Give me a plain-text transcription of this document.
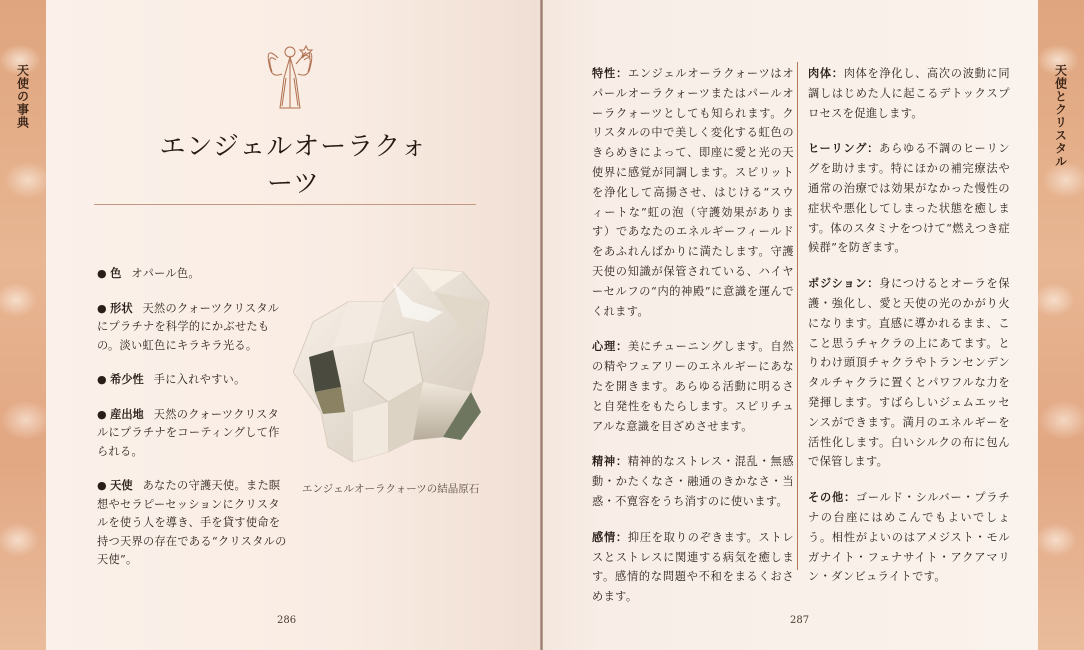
天使の事典	天使とクリスタル
エンジェルオーラクォーツ
● 色 オパール色。
● 形状 天然のクォーツクリスタルにプラチナを科学的にかぶせたもの。淡い虹色にキラキラ光る。
● 希少性 手に入れやすい。
● 産出地 天然のクォーツクリスタルにプラチナをコーティングして作られる。
● 天使 あなたの守護天使。また瞑想やセラピーセッションにクリスタルを使う人を導き、手を貸す使命を持つ天界の存在である“クリスタルの天使”。
エンジェルオーラクォーツの結晶原石
286

特性：エンジェルオーラクォーツはオパールオーラクォーツまたはパールオーラクォーツとしても知られます。クリスタルの中で美しく変化する虹色のきらめきによって、即座に愛と光の天使界に感覚が同調します。スピリットを浄化して高揚させ、はじける“スウィートな”虹の泡（守護効果があります）であなたのエネルギーフィールドをあふれんばかりに満たします。守護天使の知識が保管されている、ハイヤーセルフの“内的神殿”に意識を運んでくれます。

心理：美にチューニングします。自然の精やフェアリーのエネルギーにあなたを開きます。あらゆる活動に明るさと自発性をもたらします。スピリチュアルな意識を目ざめさせます。

精神：精神的なストレス・混乱・無感動・かたくなさ・融通のきかなさ・当惑・不寛容をうち消すのに使います。

感情：抑圧を取りのぞきます。ストレスとストレスに関連する病気を癒します。感情的な問題や不和をまるくおさめます。

肉体：肉体を浄化し、高次の波動に同調しはじめた人に起こるデトックスプロセスを促進します。

ヒーリング：あらゆる不調のヒーリングを助けます。特にほかの補完療法や通常の治療では効果がなかった慢性の症状や悪化してしまった状態を癒します。体のスタミナをつけて“燃えつき症候群”を防ぎます。

ポジション：身につけるとオーラを保護・強化し、愛と天使の光のかがり火になります。直感に導かれるまま、ここと思うチャクラの上にあてます。とりわけ頭頂チャクラやトランセンデンタルチャクラに置くとパワフルな力を発揮します。すばらしいジェムエッセンスができます。満月のエネルギーを活性化します。白いシルクの布に包んで保管します。

その他：ゴールド・シルバー・プラチナの台座にはめこんでもよいでしょう。相性がよいのはアメジスト・モルガナイト・フェナサイト・アクアマリン・ダンビュライトです。

287
